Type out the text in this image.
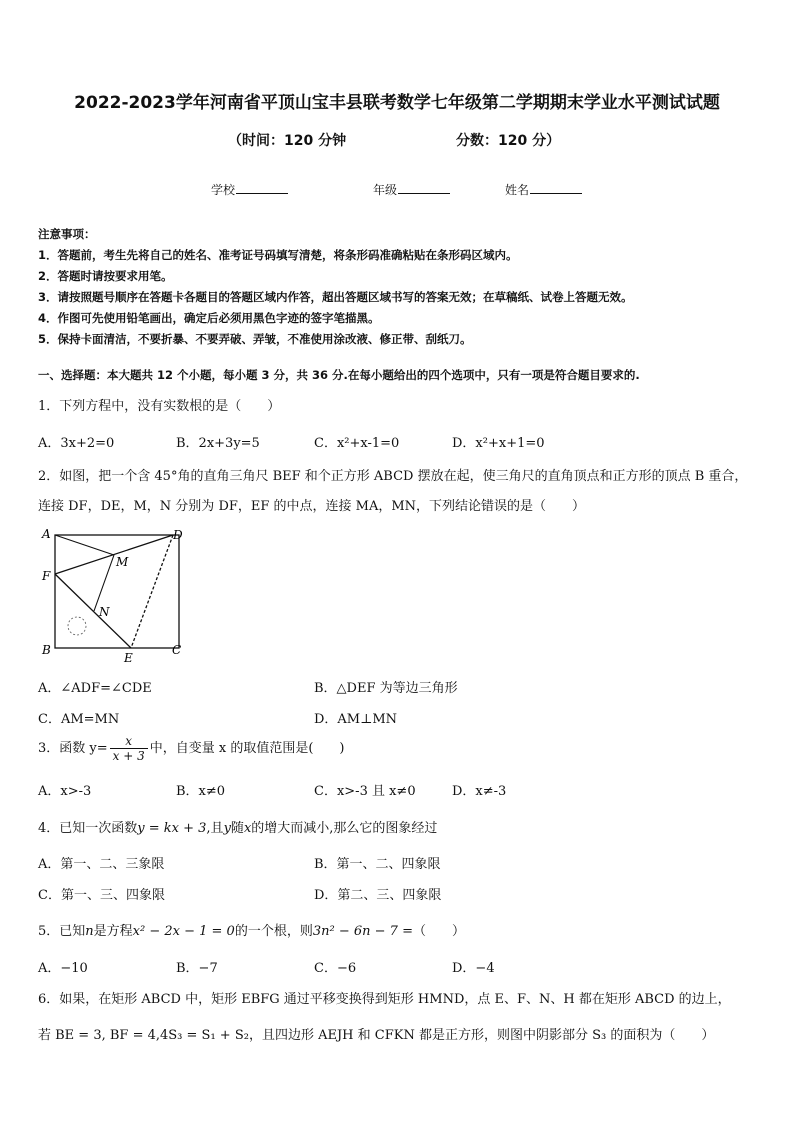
2022-2023学年河南省平顶山宝丰县联考数学七年级第二学期期末学业水平测试试题
（时间：120 分钟	分数：120 分）
学校	年级	姓名
注意事项：
1．答题前，考生先将自己的姓名、准考证号码填写清楚，将条形码准确粘贴在条形码区域内。
2．答题时请按要求用笔。
3．请按照题号顺序在答题卡各题目的答题区域内作答，超出答题区域书写的答案无效；在草稿纸、试卷上答题无效。
4．作图可先使用铅笔画出，确定后必须用黑色字迹的签字笔描黑。
5．保持卡面清洁，不要折暴、不要弄破、弄皱，不准使用涂改液、修正带、刮纸刀。
一、选择题：本大题共 12 个小题，每小题 3 分，共 36 分.在每小题给出的四个选项中，只有一项是符合题目要求的.
1．下列方程中，没有实数根的是（　　）
A．3x+2=0	B．2x+3y=5	C．x²+x-1=0	D．x²+x+1=0
2．如图，把一个含 45°角的直角三角尺 BEF 和个正方形 ABCD 摆放在起，使三角尺的直角顶点和正方形的顶点 B 重合，连接 DF，DE，M，N 分别为 DF，EF 的中点，连接 MA，MN，下列结论错误的是（　　）
A	D
F
M
N
B
E
C
A．∠ADF=∠CDE	B．△DEF 为等边三角形
C．AM=MN	D．AM⊥MN
3．函数 $y= \frac{x}{x + 3}$ 中，自变量 x 的取值范围是(　　)
A．x>-3	B．x≠0	C．x>-3 且 x≠0	D．x≠-3
4．已知一次函数y = kx + 3,且y随x的增大而减小,那么它的图象经过
A．第一、二、三象限	B．第一、二、四象限
C．第一、三、四象限	D．第二、三、四象限
5．已知n是方程x² − 2x − 1 = 0的一个根，则3n² − 6n − 7 =（　　）
A．−10	B．−7	C．−6	D．−4
6．如果，在矩形 ABCD 中，矩形 EBFG 通过平移变换得到矩形 HMND，点 E、F、N、H 都在矩形 ABCD 的边上，
若 BE = 3, BF = 4,4S₃ = S₁ + S₂，且四边形 AEJH 和 CFKN 都是正方形，则图中阴影部分 S₃ 的面积为（　　）
